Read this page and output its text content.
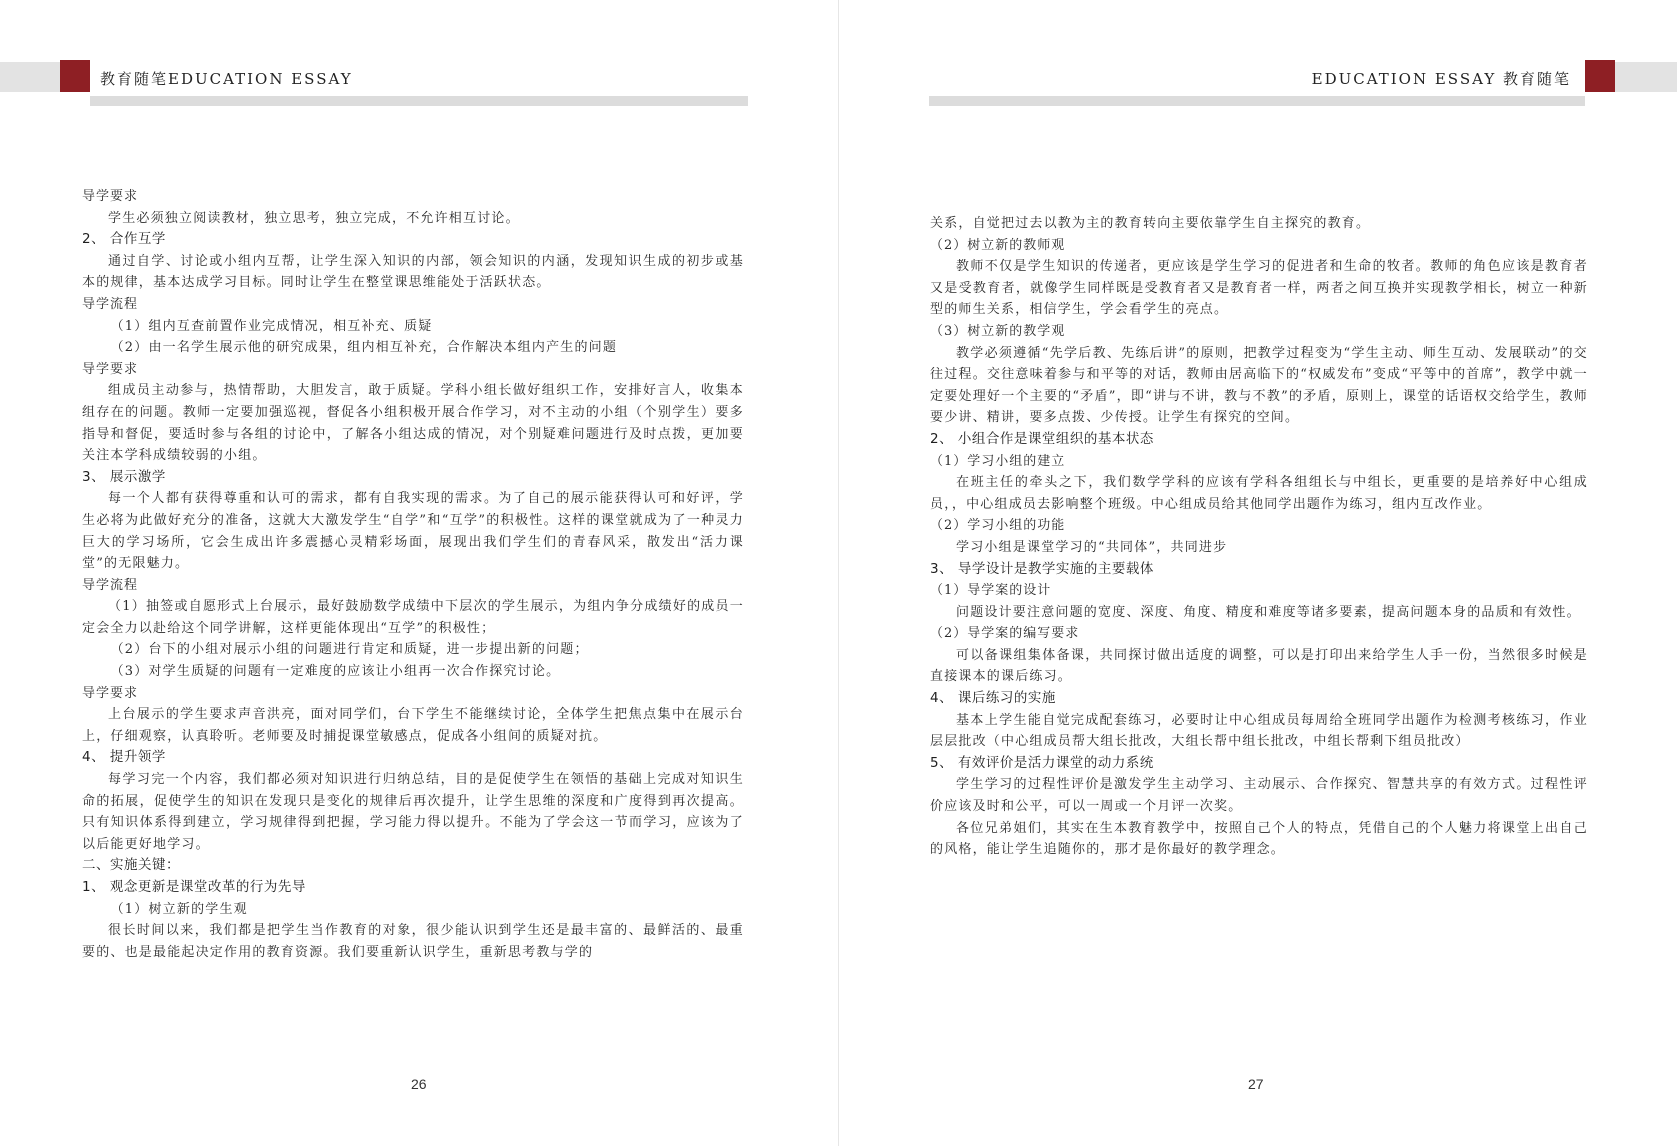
教育随笔EDUCATION ESSAY

导学要求

学生必须独立阅读教材，独立思考，独立完成，不允许相互讨论。

2、 合作互学

通过自学、讨论或小组内互帮，让学生深入知识的内部，领会知识的内涵，发现知识生成的初步或基本的规律，基本达成学习目标。同时让学生在整堂课思维能处于活跃状态。

导学流程

（1）组内互查前置作业完成情况，相互补充、质疑

（2）由一名学生展示他的研究成果，组内相互补充，合作解决本组内产生的问题

导学要求

组成员主动参与，热情帮助，大胆发言，敢于质疑。学科小组长做好组织工作，安排好言人，收集本组存在的问题。教师一定要加强巡视，督促各小组积极开展合作学习，对不主动的小组（个别学生）要多指导和督促，要适时参与各组的讨论中，了解各小组达成的情况，对个别疑难问题进行及时点拨，更加要关注本学科成绩较弱的小组。

3、 展示激学

每一个人都有获得尊重和认可的需求，都有自我实现的需求。为了自己的展示能获得认可和好评，学生必将为此做好充分的准备，这就大大激发学生“自学”和“互学”的积极性。这样的课堂就成为了一种灵力巨大的学习场所，它会生成出许多震撼心灵精彩场面，展现出我们学生们的青春风采，散发出“活力课堂”的无限魅力。

导学流程

（1）抽签或自愿形式上台展示，最好鼓励数学成绩中下层次的学生展示，为组内争分成绩好的成员一定会全力以赴给这个同学讲解，这样更能体现出“互学”的积极性；

（2）台下的小组对展示小组的问题进行肯定和质疑，进一步提出新的问题；

（3）对学生质疑的问题有一定难度的应该让小组再一次合作探究讨论。

导学要求

上台展示的学生要求声音洪亮，面对同学们，台下学生不能继续讨论，全体学生把焦点集中在展示台上，仔细观察，认真聆听。老师要及时捕捉课堂敏感点，促成各小组间的质疑对抗。

4、 提升领学

每学习完一个内容，我们都必须对知识进行归纳总结，目的是促使学生在领悟的基础上完成对知识生命的拓展，促使学生的知识在发现只是变化的规律后再次提升，让学生思维的深度和广度得到再次提高。只有知识体系得到建立，学习规律得到把握，学习能力得以提升。不能为了学会这一节而学习，应该为了以后能更好地学习。

二、实施关键：

1、 观念更新是课堂改革的行为先导

（1）树立新的学生观

很长时间以来，我们都是把学生当作教育的对象，很少能认识到学生还是最丰富的、最鲜活的、最重要的、也是最能起决定作用的教育资源。我们要重新认识学生，重新思考教与学的

26
EDUCATION ESSAY 教育随笔

关系，自觉把过去以教为主的教育转向主要依靠学生自主探究的教育。

（2）树立新的教师观

教师不仅是学生知识的传递者，更应该是学生学习的促进者和生命的牧者。教师的角色应该是教育者又是受教育者，就像学生同样既是受教育者又是教育者一样，两者之间互换并实现教学相长，树立一种新型的师生关系，相信学生，学会看学生的亮点。

（3）树立新的教学观

教学必须遵循“先学后教、先练后讲”的原则，把教学过程变为“学生主动、师生互动、发展联动”的交往过程。交往意味着参与和平等的对话，教师由居高临下的“权威发布”变成“平等中的首席”，教学中就一定要处理好一个主要的“矛盾”，即“讲与不讲，教与不教”的矛盾，原则上，课堂的话语权交给学生，教师要少讲、精讲，要多点拨、少传授。让学生有探究的空间。

2、 小组合作是课堂组织的基本状态

（1）学习小组的建立

在班主任的牵头之下，我们数学学科的应该有学科各组组长与中组长，更重要的是培养好中心组成员，，中心组成员去影响整个班级。中心组成员给其他同学出题作为练习，组内互改作业。

（2）学习小组的功能

学习小组是课堂学习的“共同体”，共同进步

3、 导学设计是教学实施的主要载体

（1）导学案的设计

问题设计要注意问题的宽度、深度、角度、精度和难度等诸多要素，提高问题本身的品质和有效性。

（2）导学案的编写要求

可以备课组集体备课，共同探讨做出适度的调整，可以是打印出来给学生人手一份，当然很多时候是直接课本的课后练习。

4、 课后练习的实施

基本上学生能自觉完成配套练习，必要时让中心组成员每周给全班同学出题作为检测考核练习，作业层层批改（中心组成员帮大组长批改，大组长帮中组长批改，中组长帮剩下组员批改）

5、 有效评价是活力课堂的动力系统

学生学习的过程性评价是激发学生主动学习、主动展示、合作探究、智慧共享的有效方式。过程性评价应该及时和公平，可以一周或一个月评一次奖。

各位兄弟姐们，其实在生本教育教学中，按照自己个人的特点，凭借自己的个人魅力将课堂上出自己的风格，能让学生追随你的，那才是你最好的教学理念。

27
